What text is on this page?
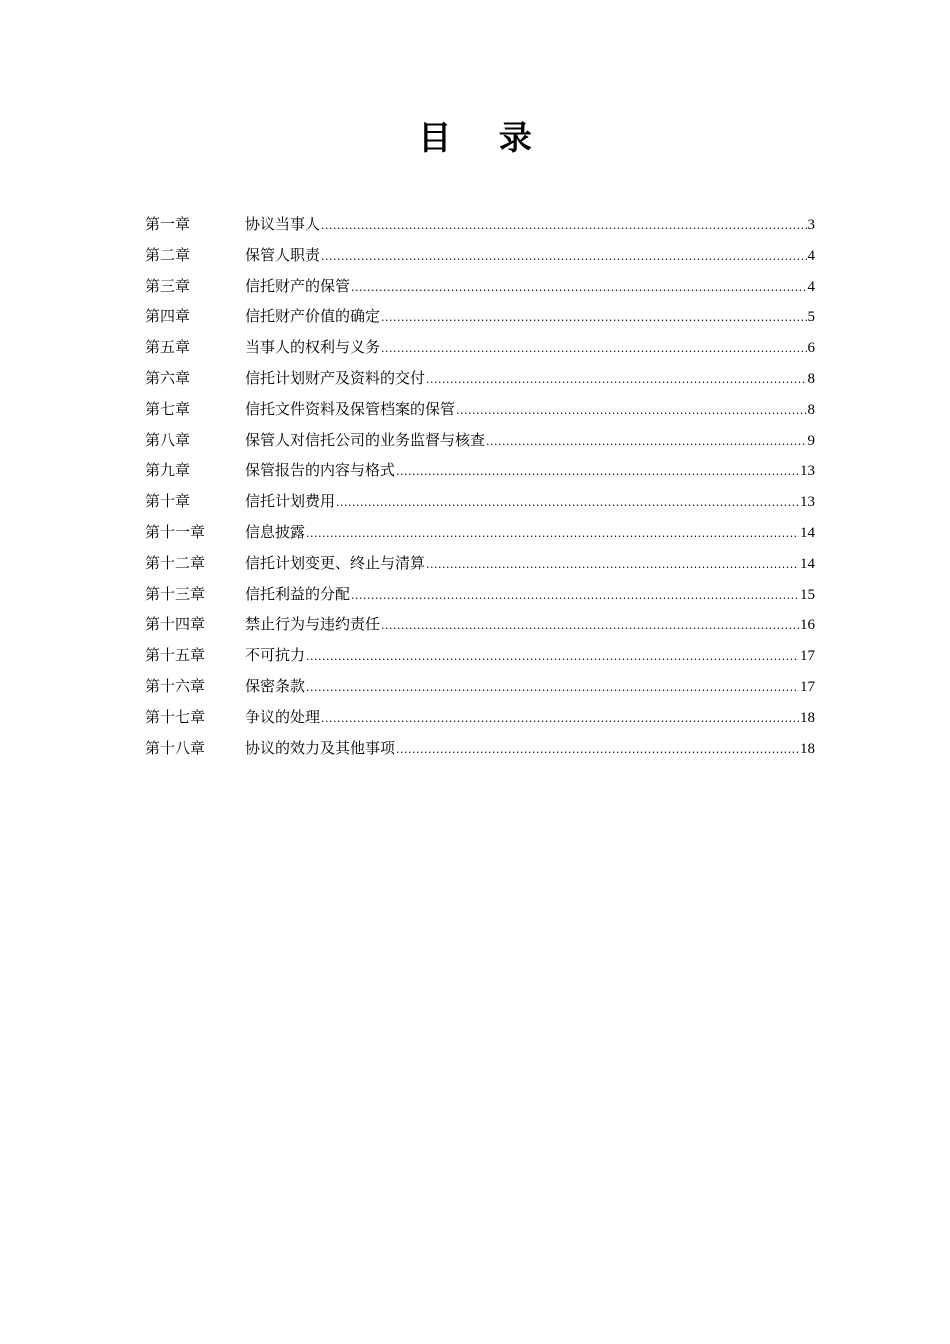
目 录
第一章	协议当事人 .....	3
第二章	保管人职责 .....	4
第三章	信托财产的保管 .....	4
第四章	信托财产价值的确定 .....	5
第五章	当事人的权利与义务 .....	6
第六章	信托计划财产及资料的交付 .....	8
第七章	信托文件资料及保管档案的保管 .....	8
第八章	保管人对信托公司的业务监督与核查 .....	9
第九章	保管报告的内容与格式 .....	13
第十章	信托计划费用 .....	13
第十一章	信息披露 .....	14
第十二章	信托计划变更、终止与清算 .....	14
第十三章	信托利益的分配 .....	15
第十四章	禁止行为与违约责任 .....	16
第十五章	不可抗力 .....	17
第十六章	保密条款 .....	17
第十七章	争议的处理 .....	18
第十八章	协议的效力及其他事项 .....	18
